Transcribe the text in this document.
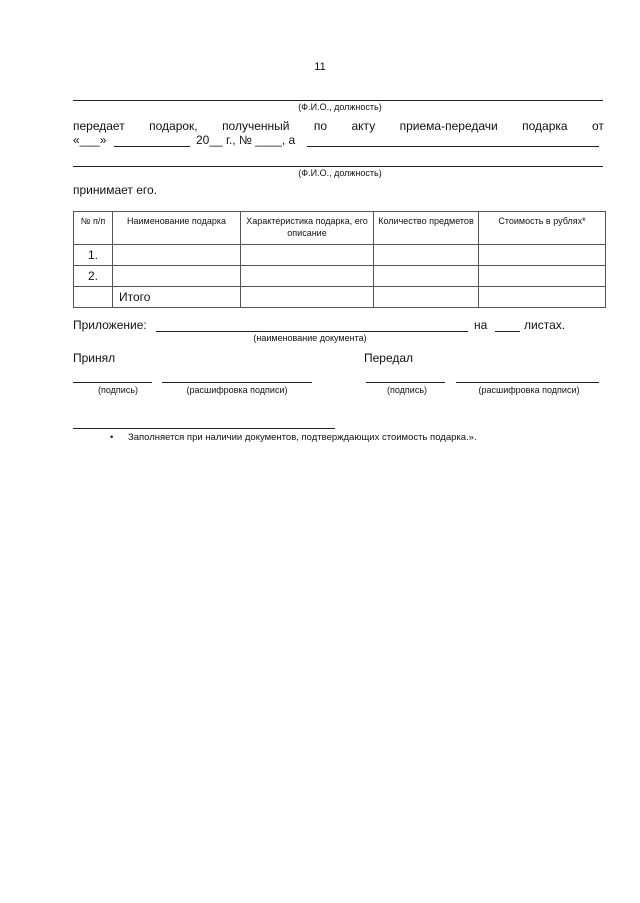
11
(Ф.И.О., должность)
передает подарок, полученный по акту приема-передачи подарка от
«___»	20__ г., № ____, а
(Ф.И.О., должность)
принимает его.
№ п/п	Наименование подарка	Характеристика подарка, его описание	Количество предметов	Стоимость в рублях*
1.				
2.				
	Итого			
Приложение:	на	листах.
(наименование документа)
Принял	Передал
(подпись)	(расшифровка подписи)	(подпись)	(расшифровка подписи)
• Заполняется при наличии документов, подтверждающих стоимость подарка.».
